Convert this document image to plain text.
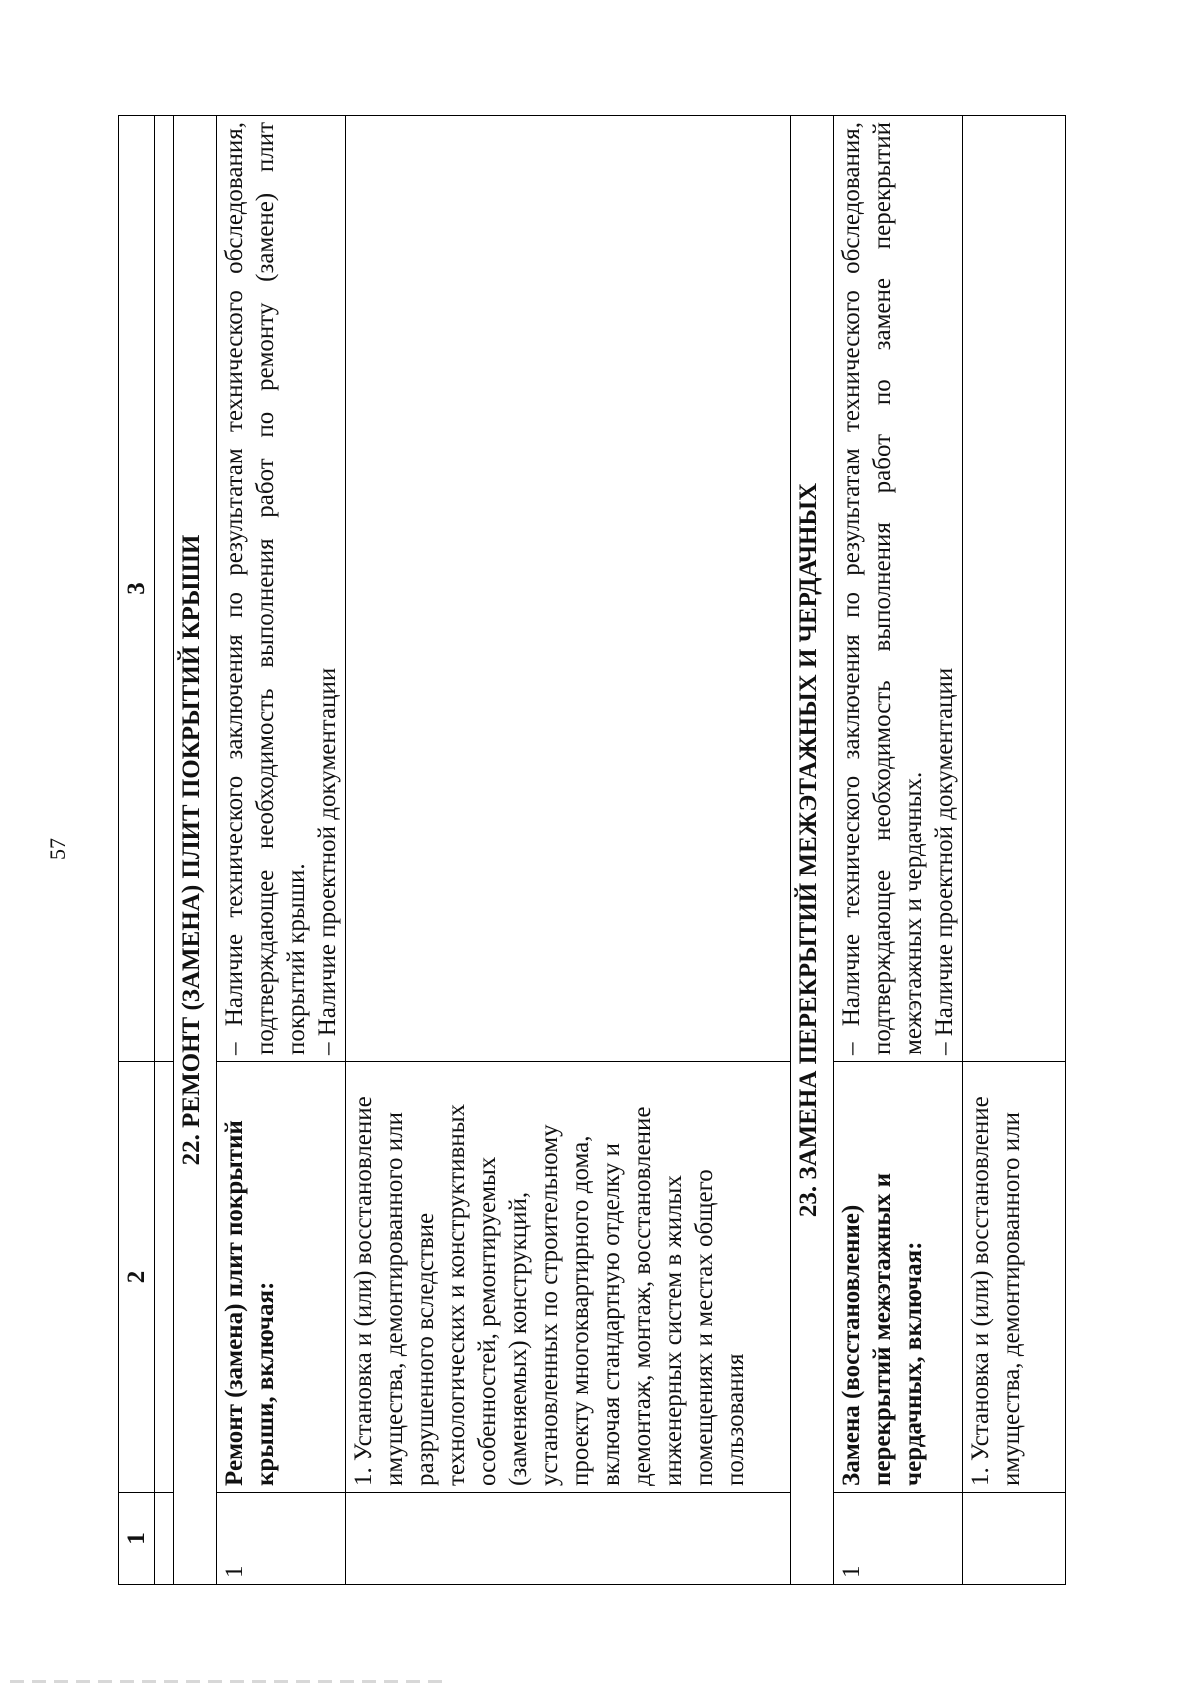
57
1	2	3

22. РЕМОНТ (ЗАМЕНА) ПЛИТ ПОКРЫТИЙ КРЫШИ		
1	Ремонт (замена) плит покрытий крыши, включая:	– Наличие технического заключения по результатам технического обследования, подтверждающее необходимость выполнения работ по ремонту (замене) плит покрытий крыши. – Наличие проектной документации

	1. Установка и (или) восстановление имущества, демонтированного или разрушенного вследствие технологических и конструктивных особенностей, ремонтируемых (заменяемых) конструкций, установленных по строительному проекту многоквартирного дома, включая стандартную отделку и демонтаж, монтаж, восстановление инженерных систем в жилых помещениях и местах общего пользования	
23. ЗАМЕНА ПЕРЕКРЫТИЙ МЕЖЭТАЖНЫХ И ЧЕРДАЧНЫХ		
1	Замена (восстановление) перекрытий межэтажных и чердачных, включая:	– Наличие технического заключения по результатам технического обследования, подтверждающее необходимость выполнения работ по замене перекрытий межэтажных и чердачных. – Наличие проектной документации

	1. Установка и (или) восстановление имущества, демонтированного или	
